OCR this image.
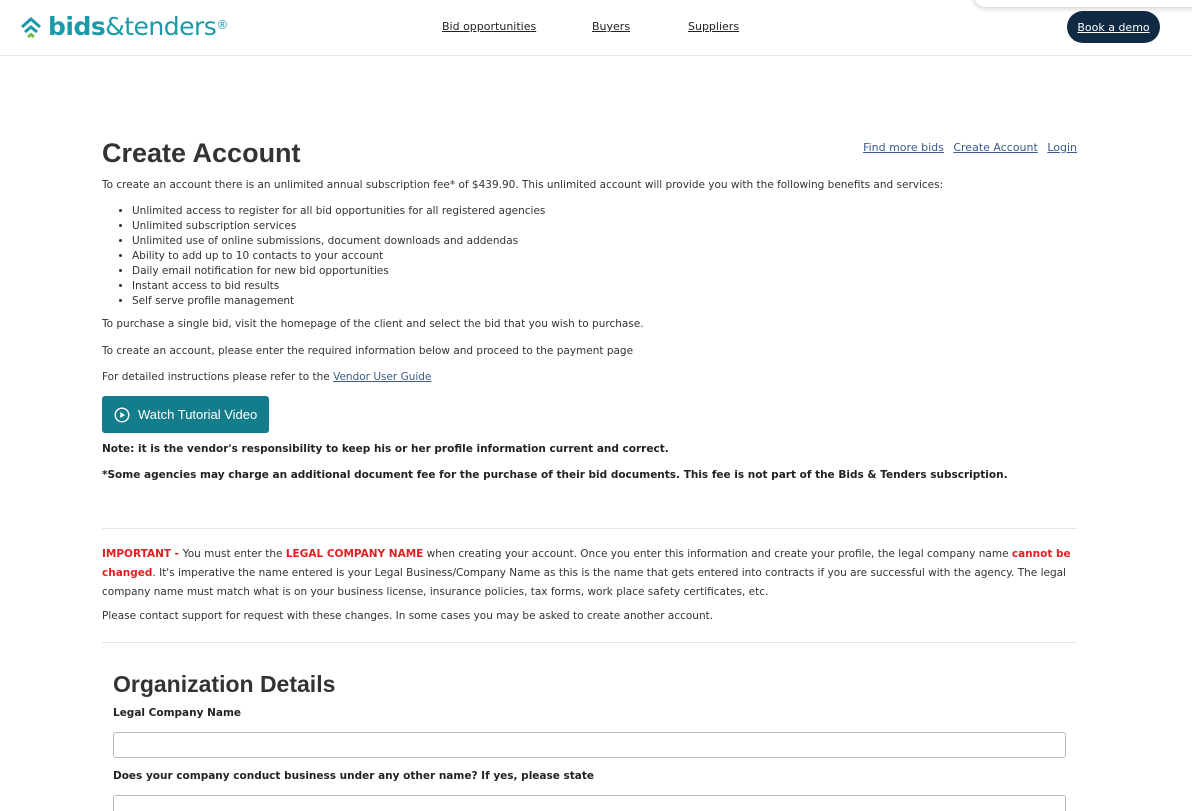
bids&tenders®	Bid opportunities	Buyers	Suppliers	Book a demo
Create Account	Find more bids Create Account Login

To create an account there is an unlimited annual subscription fee* of $439.90. This unlimited account will provide you with the following benefits and services:

• Unlimited access to register for all bid opportunities for all registered agencies
• Unlimited subscription services
• Unlimited use of online submissions, document downloads and addendas
• Ability to add up to 10 contacts to your account
• Daily email notification for new bid opportunities
• Instant access to bid results
• Self serve profile management

To purchase a single bid, visit the homepage of the client and select the bid that you wish to purchase.

To create an account, please enter the required information below and proceed to the payment page

For detailed instructions please refer to the Vendor User Guide

Watch Tutorial Video

Note: it is the vendor's responsibility to keep his or her profile information current and correct.

*Some agencies may charge an additional document fee for the purchase of their bid documents. This fee is not part of the Bids & Tenders subscription.

IMPORTANT - You must enter the LEGAL COMPANY NAME when creating your account. Once you enter this information and create your profile, the legal company name cannot be changed. It's imperative the name entered is your Legal Business/Company Name as this is the name that gets entered into contracts if you are successful with the agency. The legal company name must match what is on your business license, insurance policies, tax forms, work place safety certificates, etc.

Please contact support for request with these changes. In some cases you may be asked to create another account.

Organization Details
Legal Company Name
Does your company conduct business under any other name? If yes, please state
